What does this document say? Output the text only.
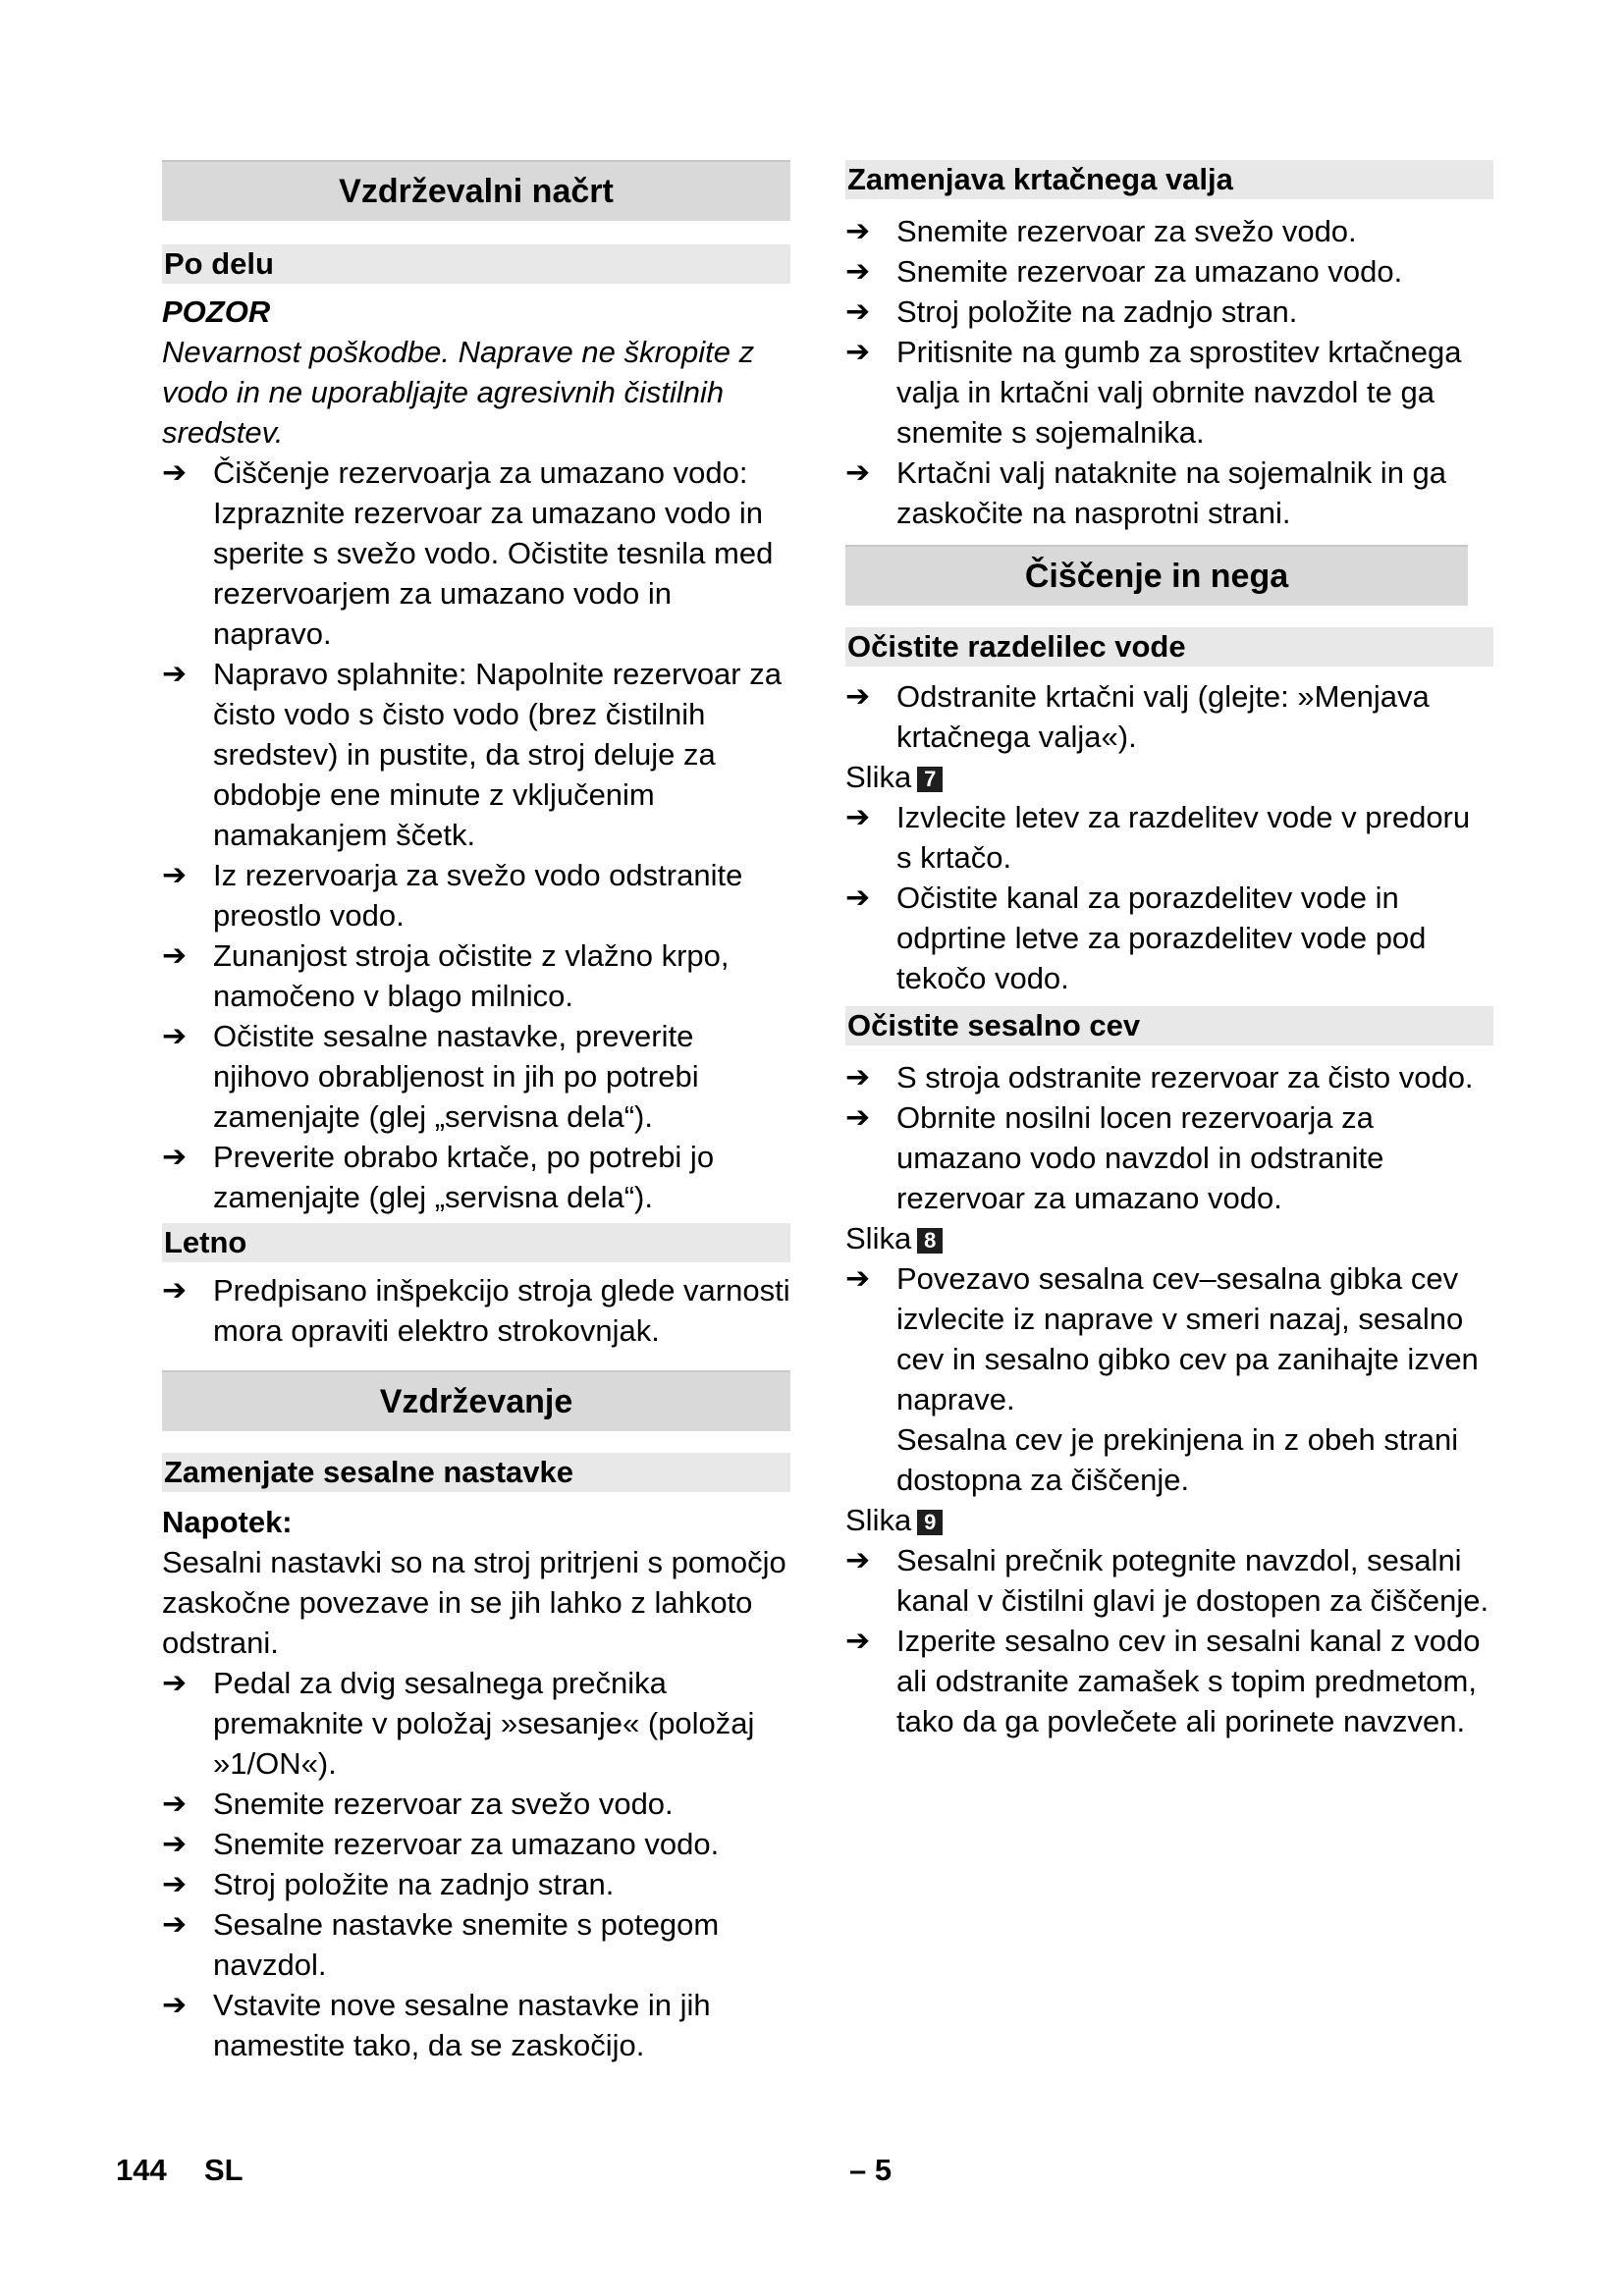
Vzdrževalni načrt
Po delu
POZOR
Nevarnost poškodbe. Naprave ne škropite z vodo in ne uporabljajte agresivnih čistilnih sredstev.
➔ Čiščenje rezervoarja za umazano vodo: Izpraznite rezervoar za umazano vodo in sperite s svežo vodo. Očistite tesnila med rezervoarjem za umazano vodo in napravo.
➔ Napravo splahnite: Napolnite rezervoar za čisto vodo s čisto vodo (brez čistilnih sredstev) in pustite, da stroj deluje za obdobje ene minute z vključenim namakanjem ščetk.
➔ Iz rezervoarja za svežo vodo odstranite preostlo vodo.
➔ Zunanjost stroja očistite z vlažno krpo, namočeno v blago milnico.
➔ Očistite sesalne nastavke, preverite njihovo obrabljenost in jih po potrebi zamenjajte (glej „servisna dela“).
➔ Preverite obrabo krtače, po potrebi jo zamenjajte (glej „servisna dela“).
Letno
➔ Predpisano inšpekcijo stroja glede varnosti mora opraviti elektro strokovnjak.
Vzdrževanje
Zamenjate sesalne nastavke
Napotek:
Sesalni nastavki so na stroj pritrjeni s pomočjo zaskočne povezave in se jih lahko z lahkoto odstrani.
➔ Pedal za dvig sesalnega prečnika premaknite v položaj »sesanje« (položaj »1/ON«).
➔ Snemite rezervoar za svežo vodo.
➔ Snemite rezervoar za umazano vodo.
➔ Stroj položite na zadnjo stran.
➔ Sesalne nastavke snemite s potegom navzdol.
➔ Vstavite nove sesalne nastavke in jih namestite tako, da se zaskočijo.
Zamenjava krtačnega valja
➔ Snemite rezervoar za svežo vodo.
➔ Snemite rezervoar za umazano vodo.
➔ Stroj položite na zadnjo stran.
➔ Pritisnite na gumb za sprostitev krtačnega valja in krtačni valj obrnite navzdol te ga snemite s sojemalnika.
➔ Krtačni valj nataknite na sojemalnik in ga zaskočite na nasprotni strani.
Čiščenje in nega
Očistite razdelilec vode
➔ Odstranite krtačni valj (glejte: »Menjava krtačnega valja«).
Slika 7
➔ Izvlecite letev za razdelitev vode v predoru s krtačo.
➔ Očistite kanal za porazdelitev vode in odprtine letve za porazdelitev vode pod tekočo vodo.
Očistite sesalno cev
➔ S stroja odstranite rezervoar za čisto vodo.
➔ Obrnite nosilni locen rezervoarja za umazano vodo navzdol in odstranite rezervoar za umazano vodo.
Slika 8
➔ Povezavo sesalna cev–sesalna gibka cev izvlecite iz naprave v smeri nazaj, sesalno cev in sesalno gibko cev pa zanihajte izven naprave.
Sesalna cev je prekinjena in z obeh strani dostopna za čiščenje.
Slika 9
➔ Sesalni prečnik potegnite navzdol, sesalni kanal v čistilni glavi je dostopen za čiščenje.
➔ Izperite sesalno cev in sesalni kanal z vodo ali odstranite zamašek s topim predmetom, tako da ga povlečete ali porinete navzven.
144 SL	– 5
